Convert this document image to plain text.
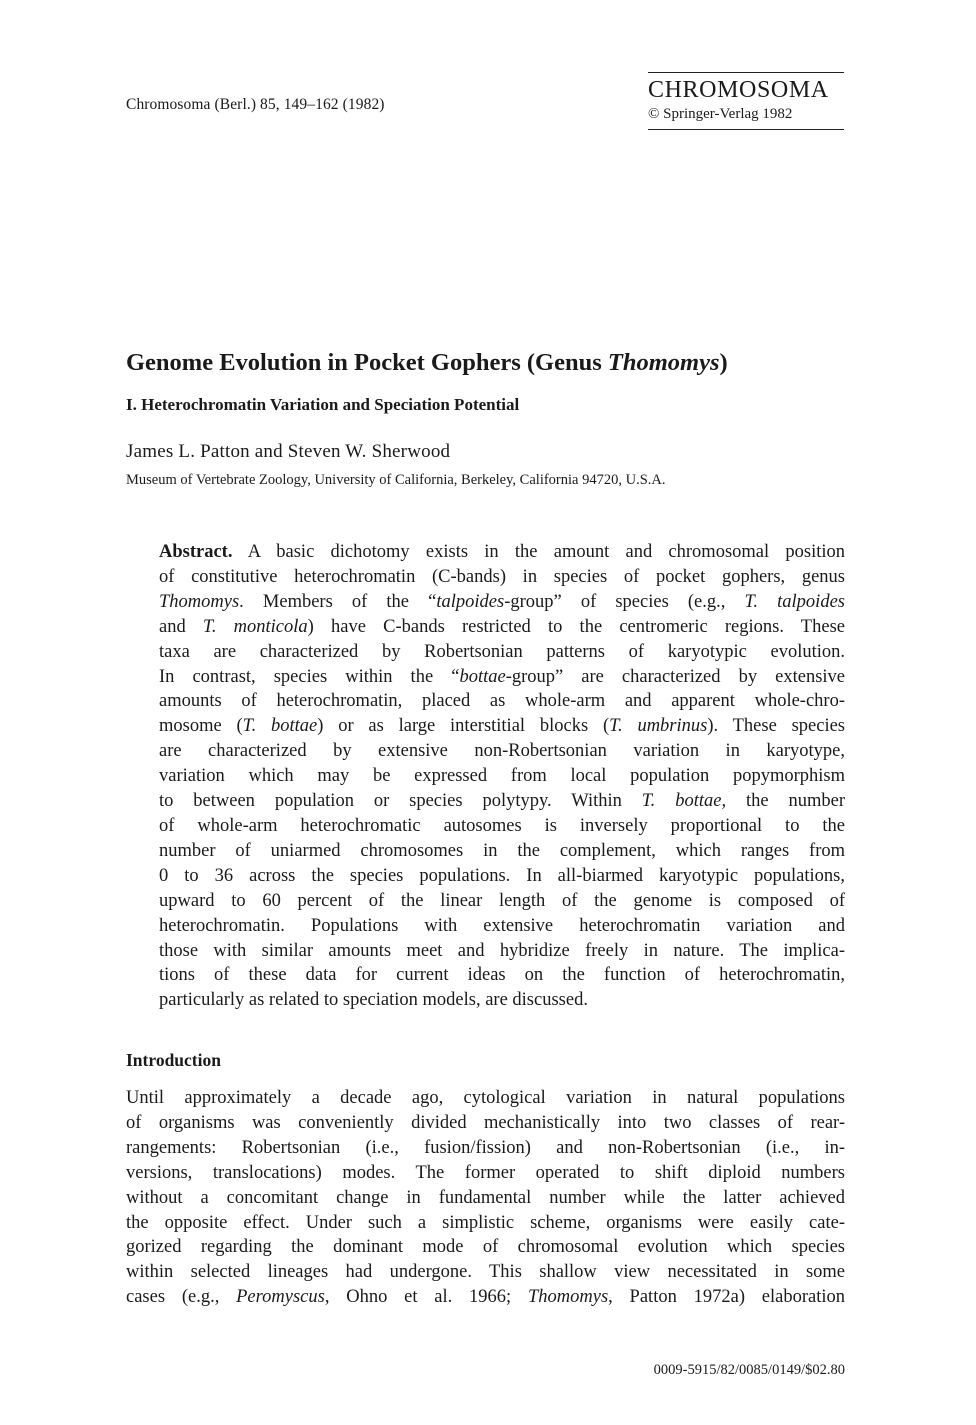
Chromosoma (Berl.) 85, 149–162 (1982)
CHROMOSOMA
© Springer-Verlag 1982
Genome Evolution in Pocket Gophers (Genus Thomomys)
I. Heterochromatin Variation and Speciation Potential
James L. Patton and Steven W. Sherwood
Museum of Vertebrate Zoology, University of California, Berkeley, California 94720, U.S.A.
Abstract. A basic dichotomy exists in the amount and chromosomal position
of constitutive heterochromatin (C-bands) in species of pocket gophers, genus
Thomomys. Members of the “talpoides-group” of species (e.g., T. talpoides
and T. monticola) have C-bands restricted to the centromeric regions. These
taxa are characterized by Robertsonian patterns of karyotypic evolution.
In contrast, species within the “bottae-group” are characterized by extensive
amounts of heterochromatin, placed as whole-arm and apparent whole-chro-
mosome (T. bottae) or as large interstitial blocks (T. umbrinus). These species
are characterized by extensive non-Robertsonian variation in karyotype,
variation which may be expressed from local population popymorphism
to between population or species polytypy. Within T. bottae, the number
of whole-arm heterochromatic autosomes is inversely proportional to the
number of uniarmed chromosomes in the complement, which ranges from
0 to 36 across the species populations. In all-biarmed karyotypic populations,
upward to 60 percent of the linear length of the genome is composed of
heterochromatin. Populations with extensive heterochromatin variation and
those with similar amounts meet and hybridize freely in nature. The implica-
tions of these data for current ideas on the function of heterochromatin,
particularly as related to speciation models, are discussed.
Introduction
Until approximately a decade ago, cytological variation in natural populations
of organisms was conveniently divided mechanistically into two classes of rear-
rangements: Robertsonian (i.e., fusion/fission) and non-Robertsonian (i.e., in-
versions, translocations) modes. The former operated to shift diploid numbers
without a concomitant change in fundamental number while the latter achieved
the opposite effect. Under such a simplistic scheme, organisms were easily cate-
gorized regarding the dominant mode of chromosomal evolution which species
within selected lineages had undergone. This shallow view necessitated in some
cases (e.g., Peromyscus, Ohno et al. 1966; Thomomys, Patton 1972a) elaboration
0009-5915/82/0085/0149/$02.80
